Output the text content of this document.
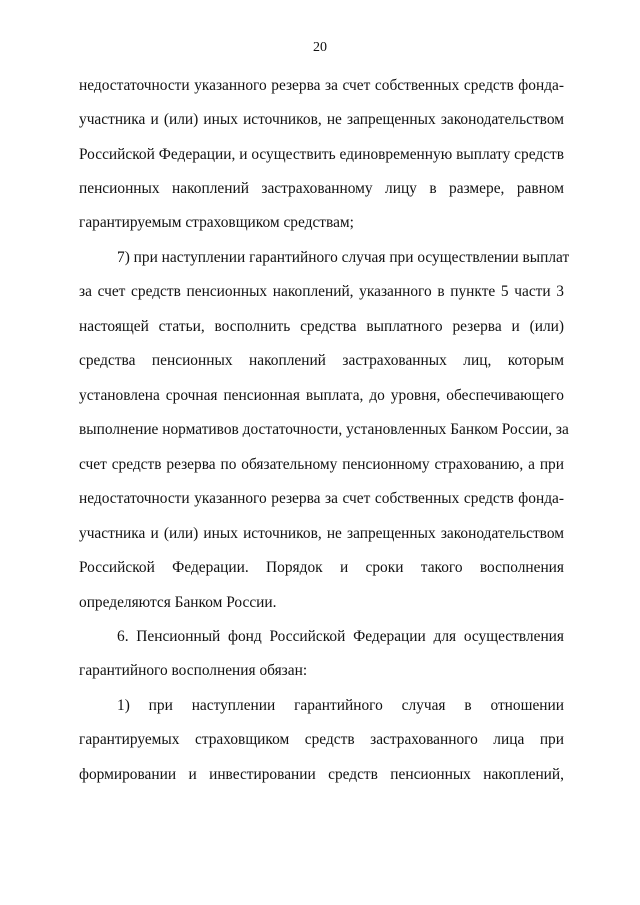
20
недостаточности указанного резерва за счет собственных средств фонда-
участника и (или) иных источников, не запрещенных законодательством
Российской Федерации, и осуществить единовременную выплату средств
пенсионных накоплений застрахованному лицу в размере, равном
гарантируемым страховщиком средствам;
7) при наступлении гарантийного случая при осуществлении выплат
за счет средств пенсионных накоплений, указанного в пункте 5 части 3
настоящей статьи, восполнить средства выплатного резерва и (или)
средства пенсионных накоплений застрахованных лиц, которым
установлена срочная пенсионная выплата, до уровня, обеспечивающего
выполнение нормативов достаточности, установленных Банком России, за
счет средств резерва по обязательному пенсионному страхованию, а при
недостаточности указанного резерва за счет собственных средств фонда-
участника и (или) иных источников, не запрещенных законодательством
Российской Федерации. Порядок и сроки такого восполнения
определяются Банком России.
6. Пенсионный фонд Российской Федерации для осуществления
гарантийного восполнения обязан:
1) при наступлении гарантийного случая в отношении
гарантируемых страховщиком средств застрахованного лица при
формировании и инвестировании средств пенсионных накоплений,
